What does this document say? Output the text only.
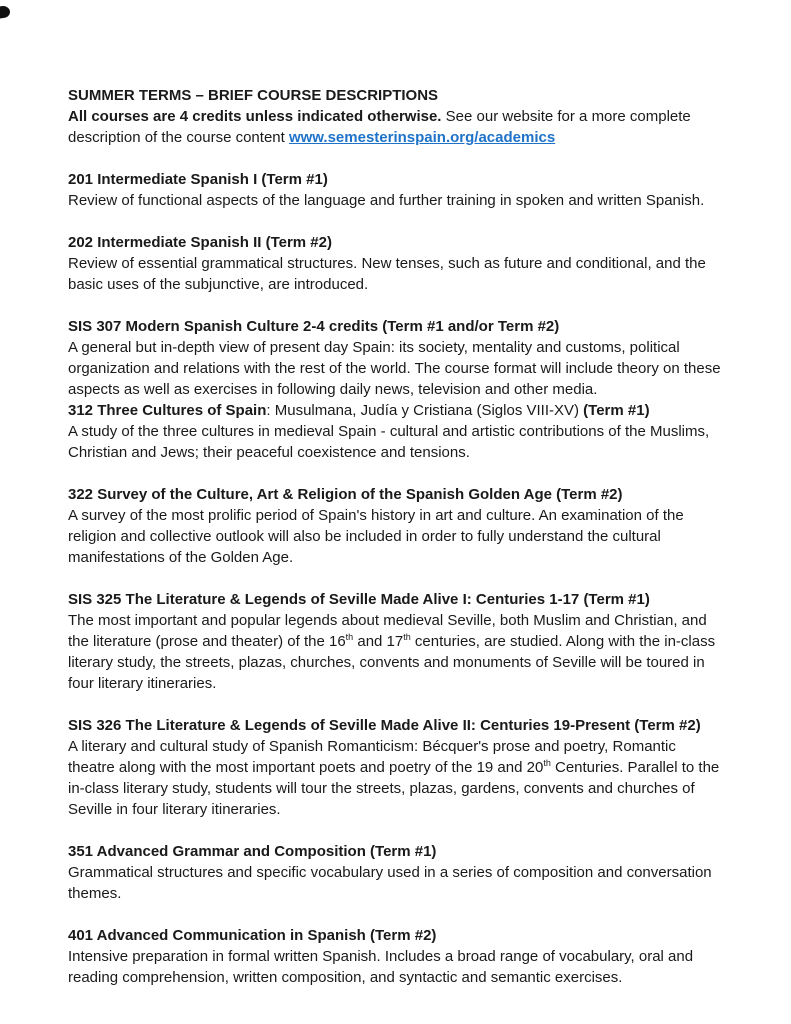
SUMMER TERMS – BRIEF COURSE DESCRIPTIONS

All courses are 4 credits unless indicated otherwise. See our website for a more complete description of the course content www.semesterinspain.org/academics

201 Intermediate Spanish I (Term #1)

Review of functional aspects of the language and further training in spoken and written Spanish.

202 Intermediate Spanish II (Term #2)

Review of essential grammatical structures. New tenses, such as future and conditional, and the basic uses of the subjunctive, are introduced.

SIS 307 Modern Spanish Culture 2-4 credits (Term #1 and/or Term #2)

A general but in-depth view of present day Spain: its society, mentality and customs, political organization and relations with the rest of the world. The course format will include theory on these aspects as well as exercises in following daily news, television and other media.

312 Three Cultures of Spain: Musulmana, Judía y Cristiana (Siglos VIII-XV) (Term #1)

A study of the three cultures in medieval Spain - cultural and artistic contributions of the Muslims, Christian and Jews; their peaceful coexistence and tensions.

322 Survey of the Culture, Art & Religion of the Spanish Golden Age (Term #2)

A survey of the most prolific period of Spain's history in art and culture. An examination of the religion and collective outlook will also be included in order to fully understand the cultural manifestations of the Golden Age.

SIS 325 The Literature & Legends of Seville Made Alive I: Centuries 1-17 (Term #1)

The most important and popular legends about medieval Seville, both Muslim and Christian, and the literature (prose and theater) of the 16th and 17th centuries, are studied. Along with the in-class literary study, the streets, plazas, churches, convents and monuments of Seville will be toured in four literary itineraries.

SIS 326 The Literature & Legends of Seville Made Alive II: Centuries 19-Present (Term #2)

A literary and cultural study of Spanish Romanticism: Bécquer's prose and poetry, Romantic theatre along with the most important poets and poetry of the 19 and 20th Centuries. Parallel to the in-class literary study, students will tour the streets, plazas, gardens, convents and churches of Seville in four literary itineraries.

351 Advanced Grammar and Composition (Term #1)

Grammatical structures and specific vocabulary used in a series of composition and conversation themes.

401 Advanced Communication in Spanish (Term #2)

Intensive preparation in formal written Spanish. Includes a broad range of vocabulary, oral and reading comprehension, written composition, and syntactic and semantic exercises.
